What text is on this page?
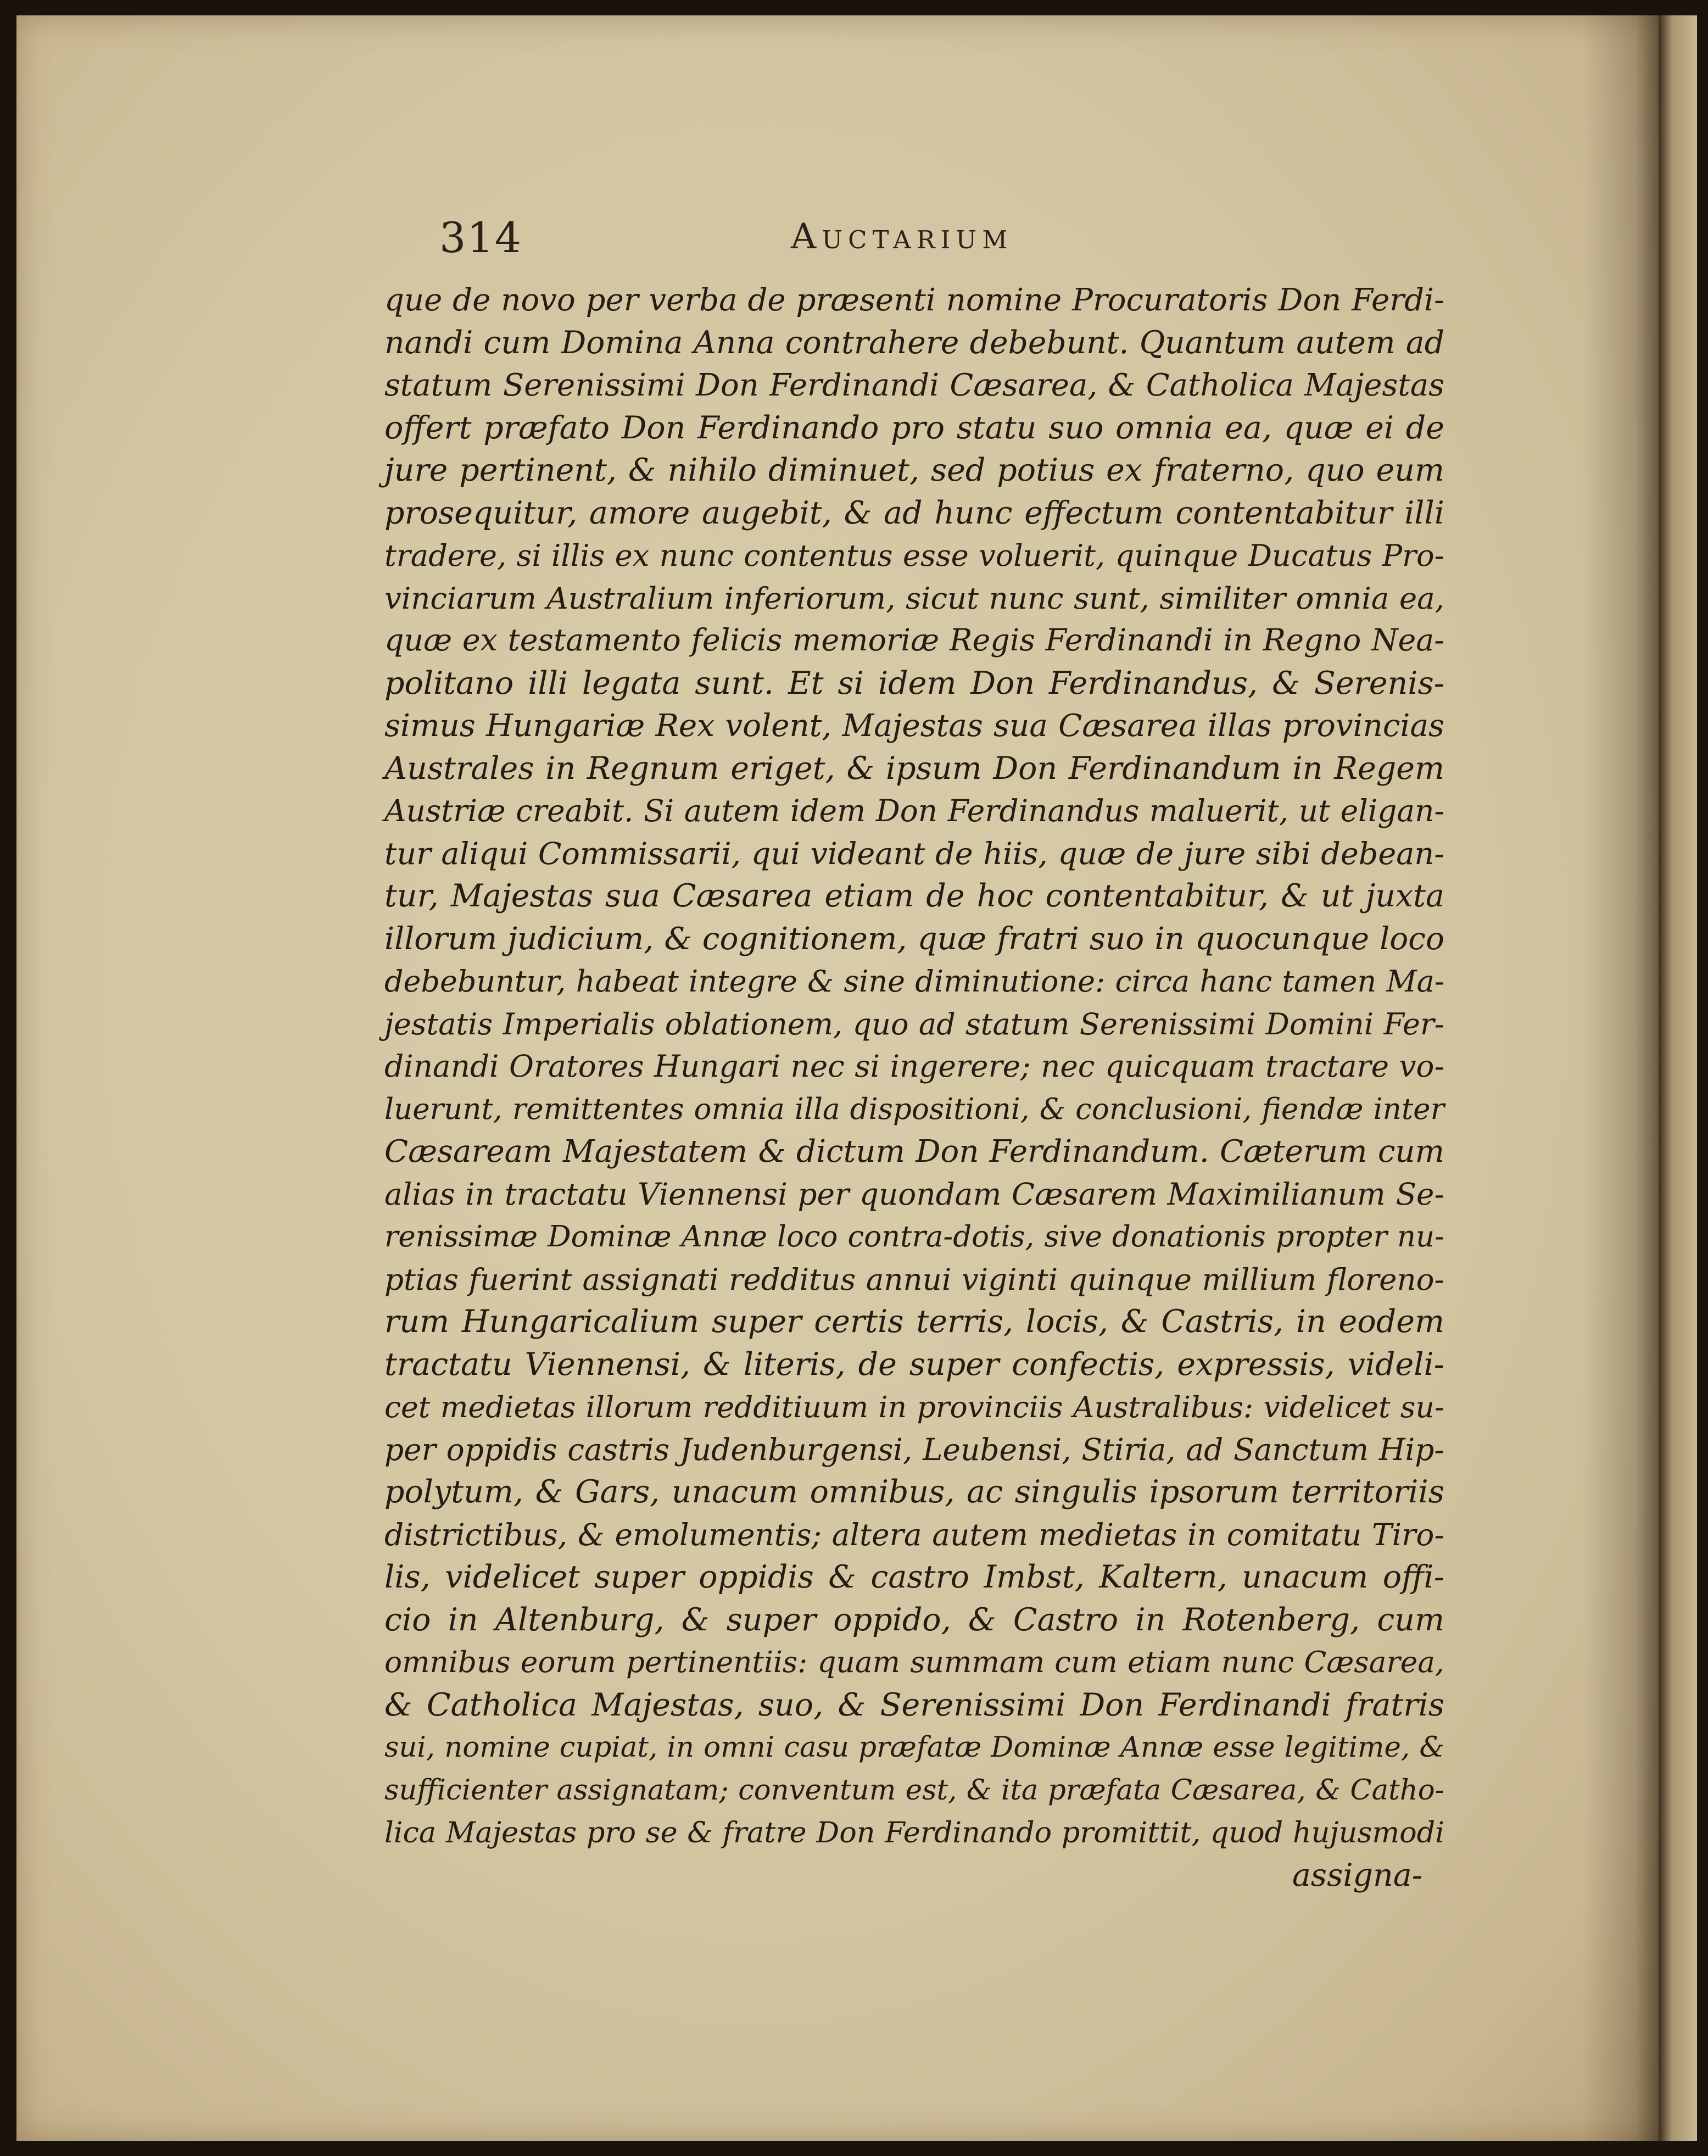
314	Auctarium
que de novo per verba de præsenti nomine Procuratoris Don Ferdi-
nandi cum Domina Anna contrahere debebunt. Quantum autem ad
statum Serenissimi Don Ferdinandi Cæsarea, & Catholica Majestas
offert præfato Don Ferdinando pro statu suo omnia ea, quæ ei de
jure pertinent, & nihilo diminuet, sed potius ex fraterno, quo eum
prosequitur, amore augebit, & ad hunc effectum contentabitur illi
tradere, si illis ex nunc contentus esse voluerit, quinque Ducatus Pro-
vinciarum Australium inferiorum, sicut nunc sunt, similiter omnia ea,
quæ ex testamento felicis memoriæ Regis Ferdinandi in Regno Nea-
politano illi legata sunt. Et si idem Don Ferdinandus, & Serenis-
simus Hungariæ Rex volent, Majestas sua Cæsarea illas provincias
Australes in Regnum eriget, & ipsum Don Ferdinandum in Regem
Austriæ creabit. Si autem idem Don Ferdinandus maluerit, ut eligan-
tur aliqui Commissarii, qui videant de hiis, quæ de jure sibi debean-
tur, Majestas sua Cæsarea etiam de hoc contentabitur, & ut juxta
illorum judicium, & cognitionem, quæ fratri suo in quocunque loco
debebuntur, habeat integre & sine diminutione: circa hanc tamen Ma-
jestatis Imperialis oblationem, quo ad statum Serenissimi Domini Fer-
dinandi Oratores Hungari nec si ingerere; nec quicquam tractare vo-
luerunt, remittentes omnia illa dispositioni, & conclusioni, fiendæ inter
Cæsaream Majestatem & dictum Don Ferdinandum. Cæterum cum
alias in tractatu Viennensi per quondam Cæsarem Maximilianum Se-
renissimæ Dominæ Annæ loco contra-dotis, sive donationis propter nu-
ptias fuerint assignati redditus annui viginti quinque millium floreno-
rum Hungaricalium super certis terris, locis, & Castris, in eodem
tractatu Viennensi, & literis, de super confectis, expressis, videli-
cet medietas illorum redditiuum in provinciis Australibus: videlicet su-
per oppidis castris Judenburgensi, Leubensi, Stiria, ad Sanctum Hip-
polytum, & Gars, unacum omnibus, ac singulis ipsorum territoriis
districtibus, & emolumentis; altera autem medietas in comitatu Tiro-
lis, videlicet super oppidis & castro Imbst, Kaltern, unacum offi-
cio in Altenburg, & super oppido, & Castro in Rotenberg, cum
omnibus eorum pertinentiis: quam summam cum etiam nunc Cæsarea,
& Catholica Majestas, suo, & Serenissimi Don Ferdinandi fratris
sui, nomine cupiat, in omni casu præfatæ Dominæ Annæ esse legitime, &
sufficienter assignatam; conventum est, & ita præfata Cæsarea, & Catho-
lica Majestas pro se & fratre Don Ferdinando promittit, quod hujusmodi
assigna-
